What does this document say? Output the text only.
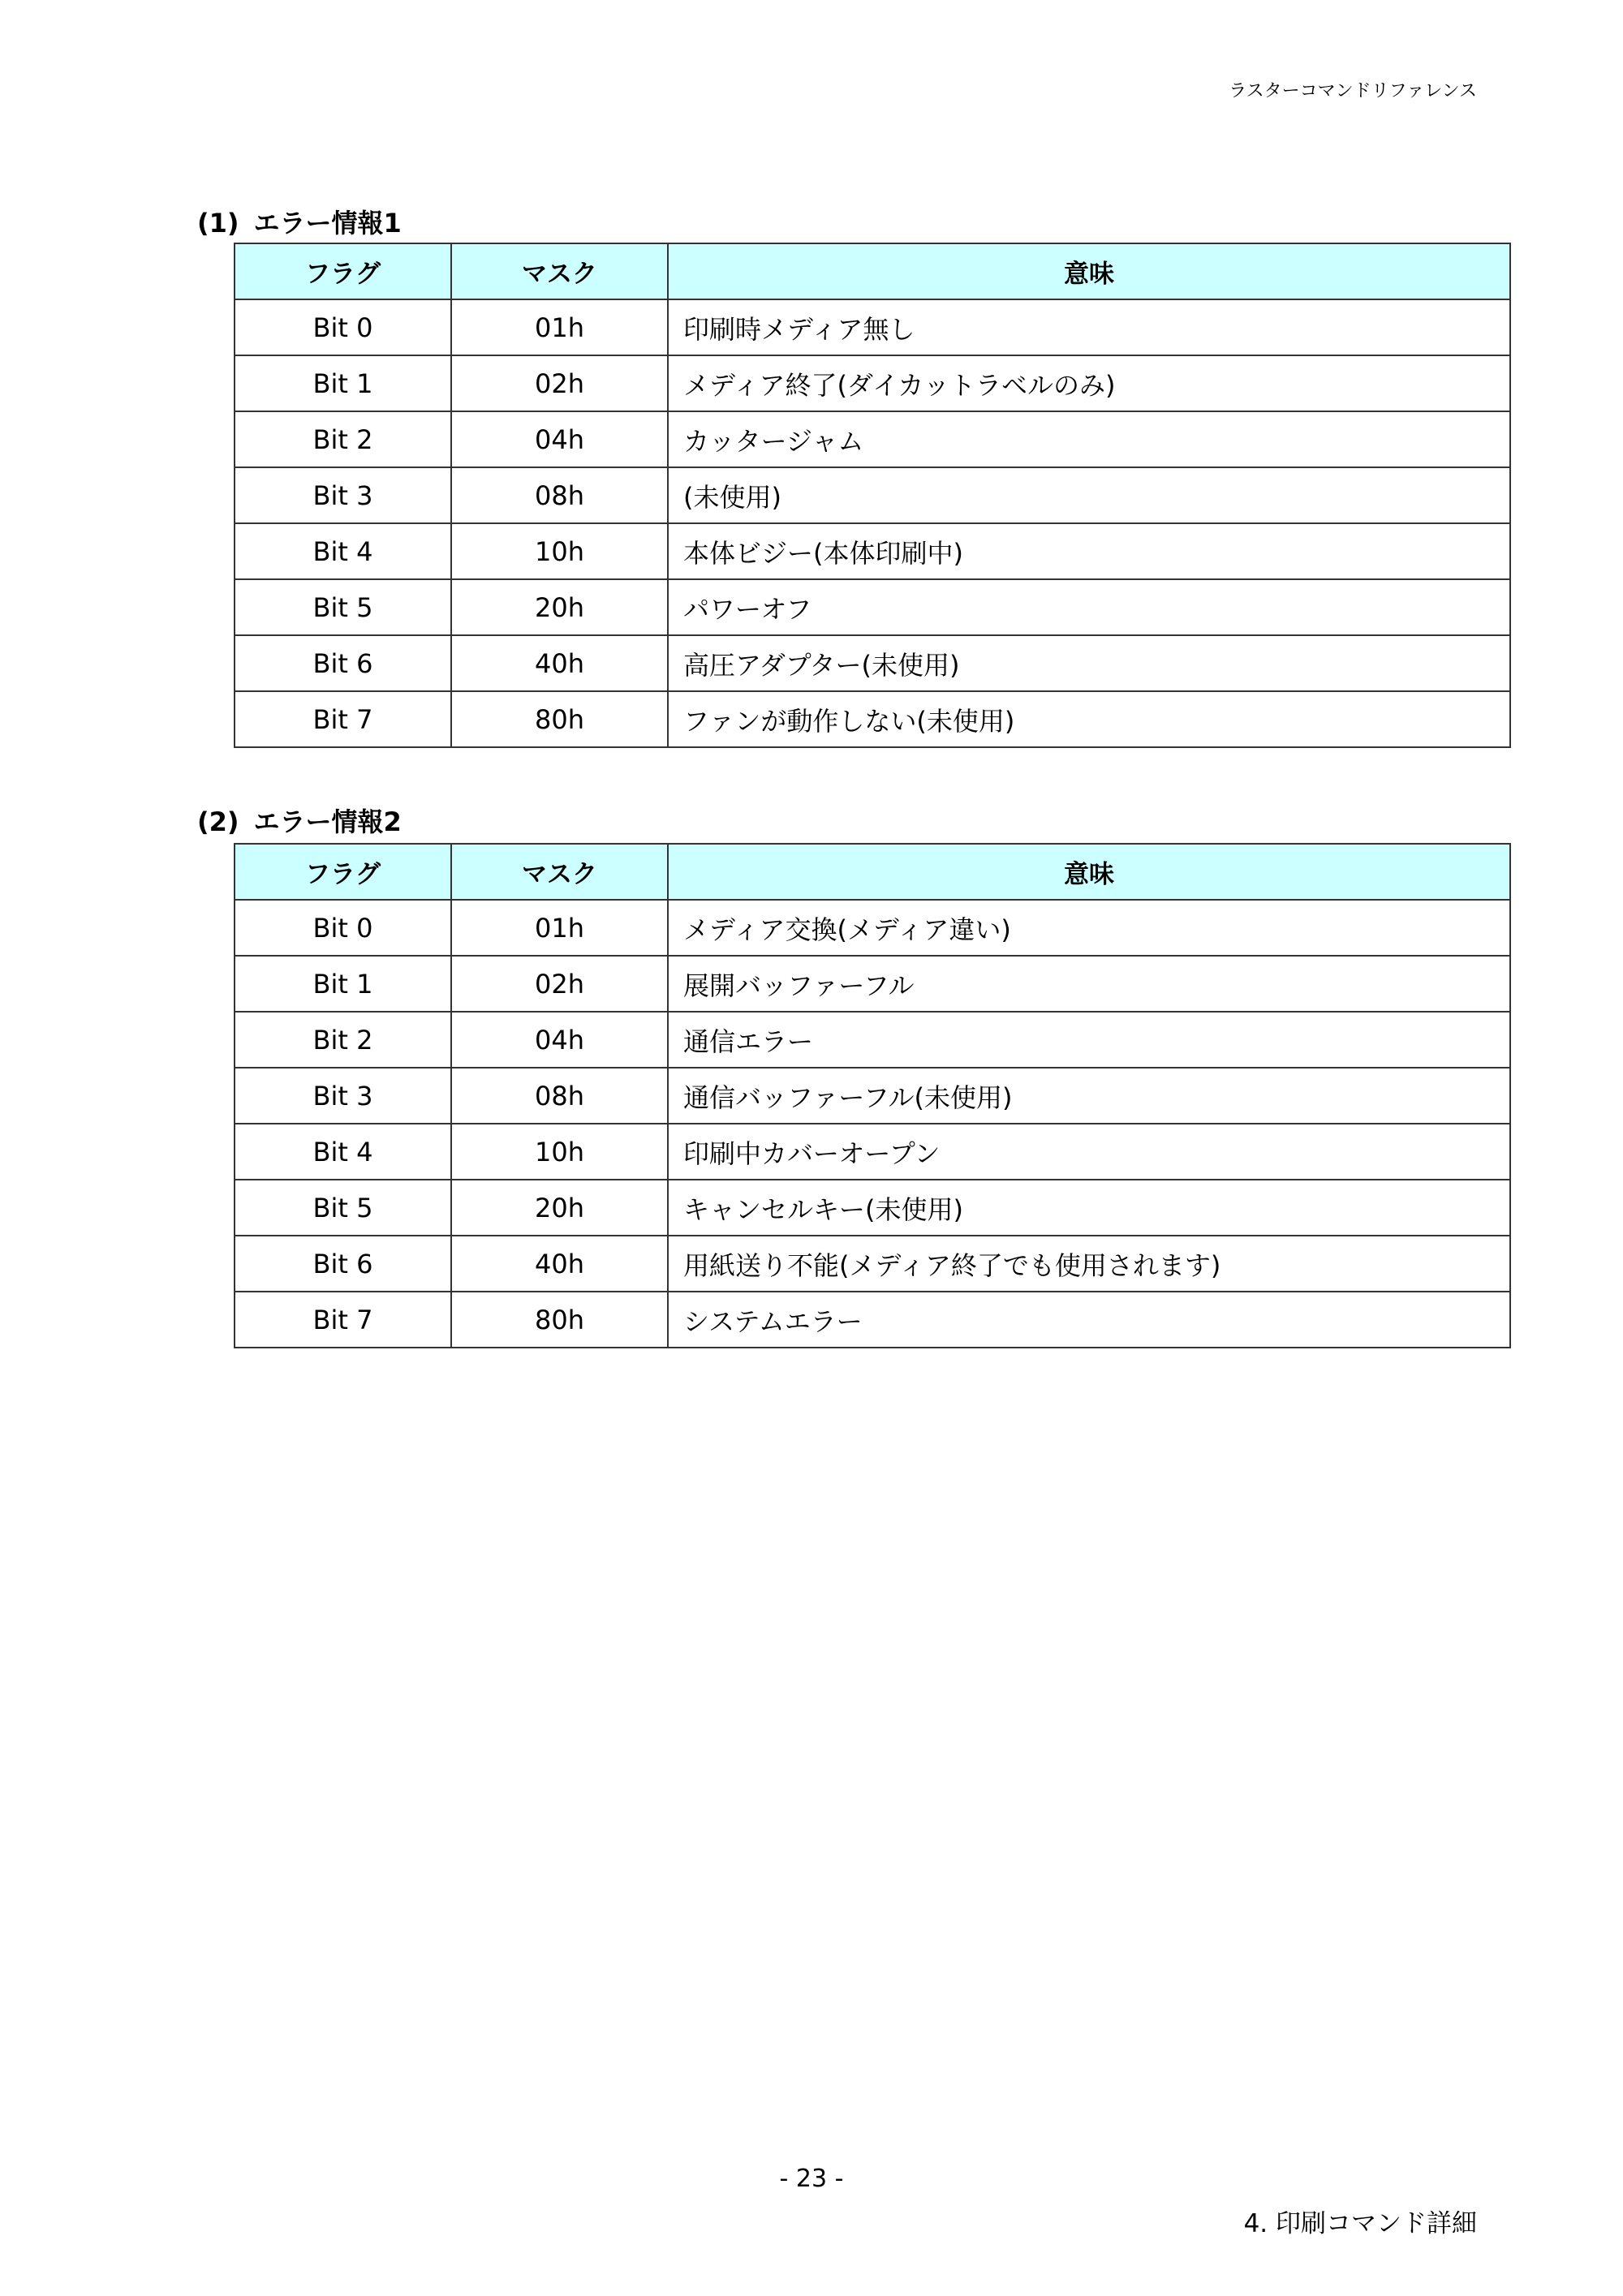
ラスターコマンドリファレンス
(1) エラー情報1
フラグ	マスク	意味
Bit 0	01h	印刷時メディア無し
Bit 1	02h	メディア終了(ダイカットラベルのみ)
Bit 2	04h	カッタージャム
Bit 3	08h	(未使用)
Bit 4	10h	本体ビジー(本体印刷中)
Bit 5	20h	パワーオフ
Bit 6	40h	高圧アダプター(未使用)
Bit 7	80h	ファンが動作しない(未使用)
(2) エラー情報2
フラグ	マスク	意味
Bit 0	01h	メディア交換(メディア違い)
Bit 1	02h	展開バッファーフル
Bit 2	04h	通信エラー
Bit 3	08h	通信バッファーフル(未使用)
Bit 4	10h	印刷中カバーオープン
Bit 5	20h	キャンセルキー(未使用)
Bit 6	40h	用紙送り不能(メディア終了でも使用されます)
Bit 7	80h	システムエラー
- 23 -
4. 印刷コマンド詳細
